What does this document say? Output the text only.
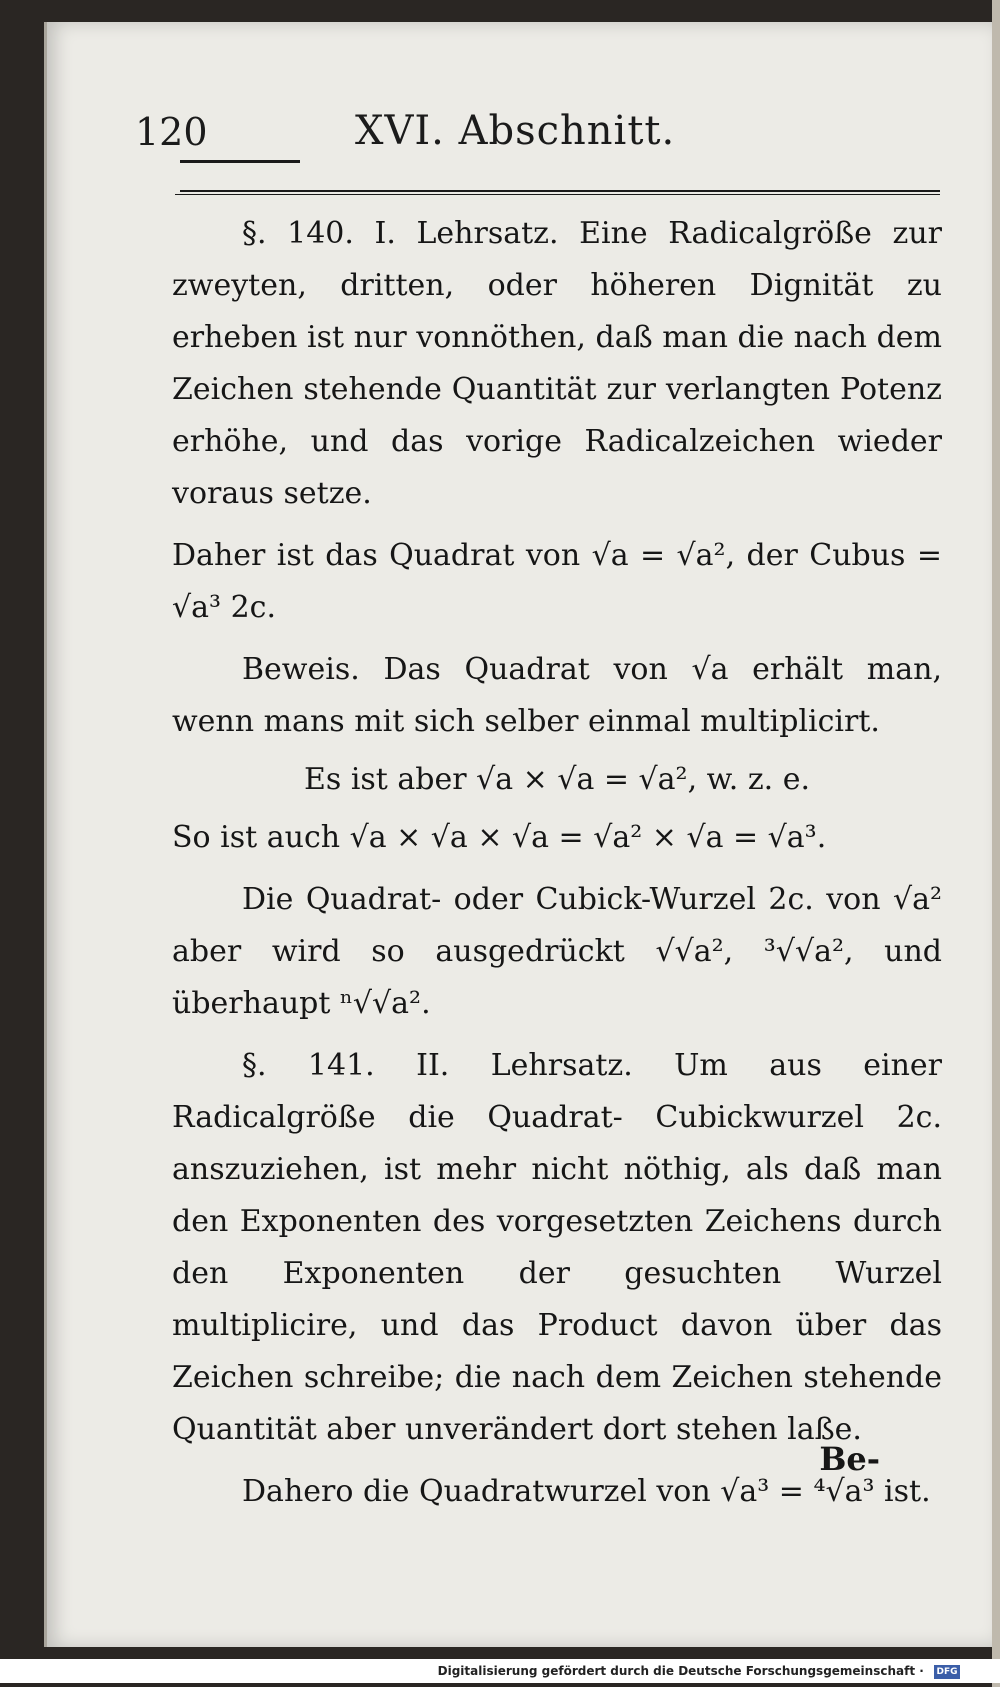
120	XVI. Abschnitt.

§. 140. I. Lehrsatz. Eine Radicalgröße zur zweyten, dritten, oder höheren Dignität zu erheben ist nur vonnöthen, daß man die nach dem Zeichen stehende Quantität zur verlangten Potenz erhöhe, und das vorige Radicalzeichen wieder voraus setze.

Daher ist das Quadrat von √a = √a², der Cubus = √a³ 2c.

Beweis. Das Quadrat von √a erhält man, wenn mans mit sich selber einmal multiplicirt.

Es ist aber √a × √a = √a², w. z. e.

So ist auch √a × √a × √a = √a² × √a = √a³.

Die Quadrat- oder Cubick-Wurzel 2c. von √a² aber wird so ausgedrückt √√a², ³√√a², und überhaupt ⁿ√√a².

§. 141. II. Lehrsatz. Um aus einer Radicalgröße die Quadrat- Cubickwurzel 2c. anszuziehen, ist mehr nicht nöthig, als daß man den Exponenten des vorgesetzten Zeichens durch den Exponenten der gesuchten Wurzel multiplicire, und das Product davon über das Zeichen schreibe; die nach dem Zeichen stehende Quantität aber unverändert dort stehen laße.

Dahero die Quadratwurzel von √a³ = ⁴√a³ ist.

Be-
Digitalisierung gefördert durch die Deutsche Forschungsgemeinschaft · DFG
